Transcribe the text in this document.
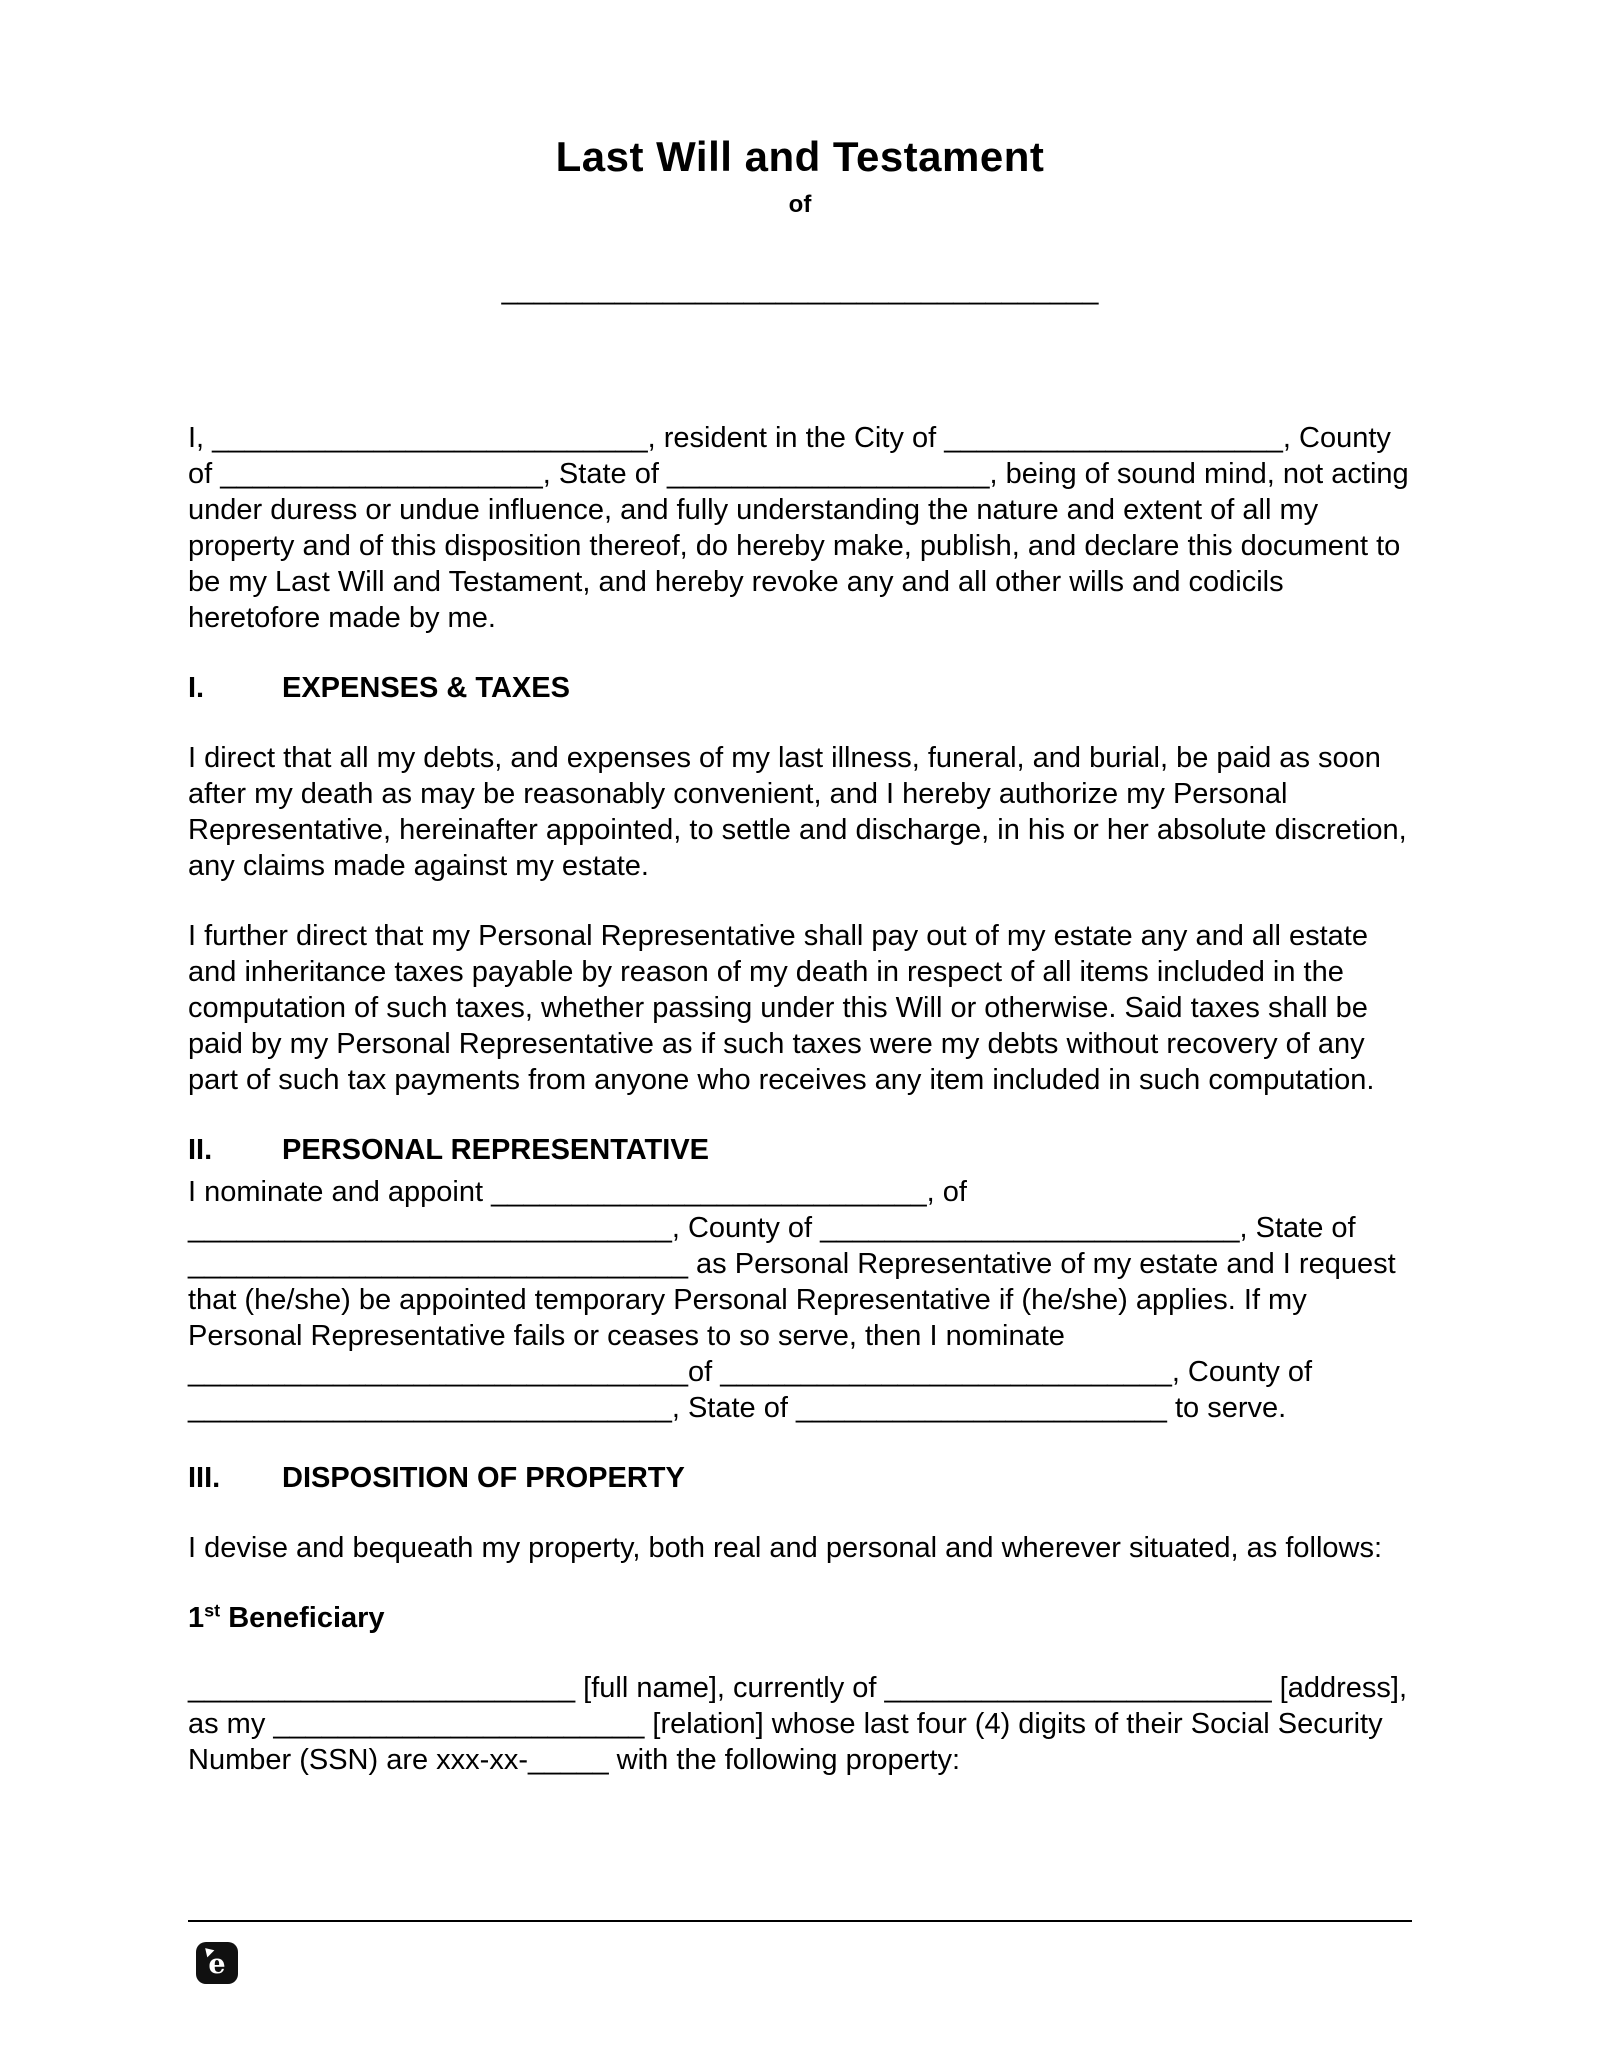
Last Will and Testament
of
_____________________________________

I, ___________________________, resident in the City of _____________________, County of ____________________, State of ____________________, being of sound mind, not acting under duress or undue influence, and fully understanding the nature and extent of all my property and of this disposition thereof, do hereby make, publish, and declare this document to be my Last Will and Testament, and hereby revoke any and all other wills and codicils heretofore made by me.

I.	EXPENSES & TAXES

I direct that all my debts, and expenses of my last illness, funeral, and burial, be paid as soon after my death as may be reasonably convenient, and I hereby authorize my Personal Representative, hereinafter appointed, to settle and discharge, in his or her absolute discretion, any claims made against my estate.

I further direct that my Personal Representative shall pay out of my estate any and all estate and inheritance taxes payable by reason of my death in respect of all items included in the computation of such taxes, whether passing under this Will or otherwise. Said taxes shall be paid by my Personal Representative as if such taxes were my debts without recovery of any part of such tax payments from anyone who receives any item included in such computation.

II. PERSONAL REPRESENTATIVE

I nominate and appoint ___________________________, of ______________________________, County of __________________________, State of _______________________________ as Personal Representative of my estate and I request that (he/she) be appointed temporary Personal Representative if (he/she) applies. If my Personal Representative fails or ceases to so serve, then I nominate _______________________________of ____________________________, County of ______________________________, State of _______________________ to serve.

III. DISPOSITION OF PROPERTY

I devise and bequeath my property, both real and personal and wherever situated, as follows:

1st Beneficiary

________________________ [full name], currently of ________________________ [address], as my _______________________ [relation] whose last four (4) digits of their Social Security Number (SSN) are xxx-xx-_____ with the following property:

e
